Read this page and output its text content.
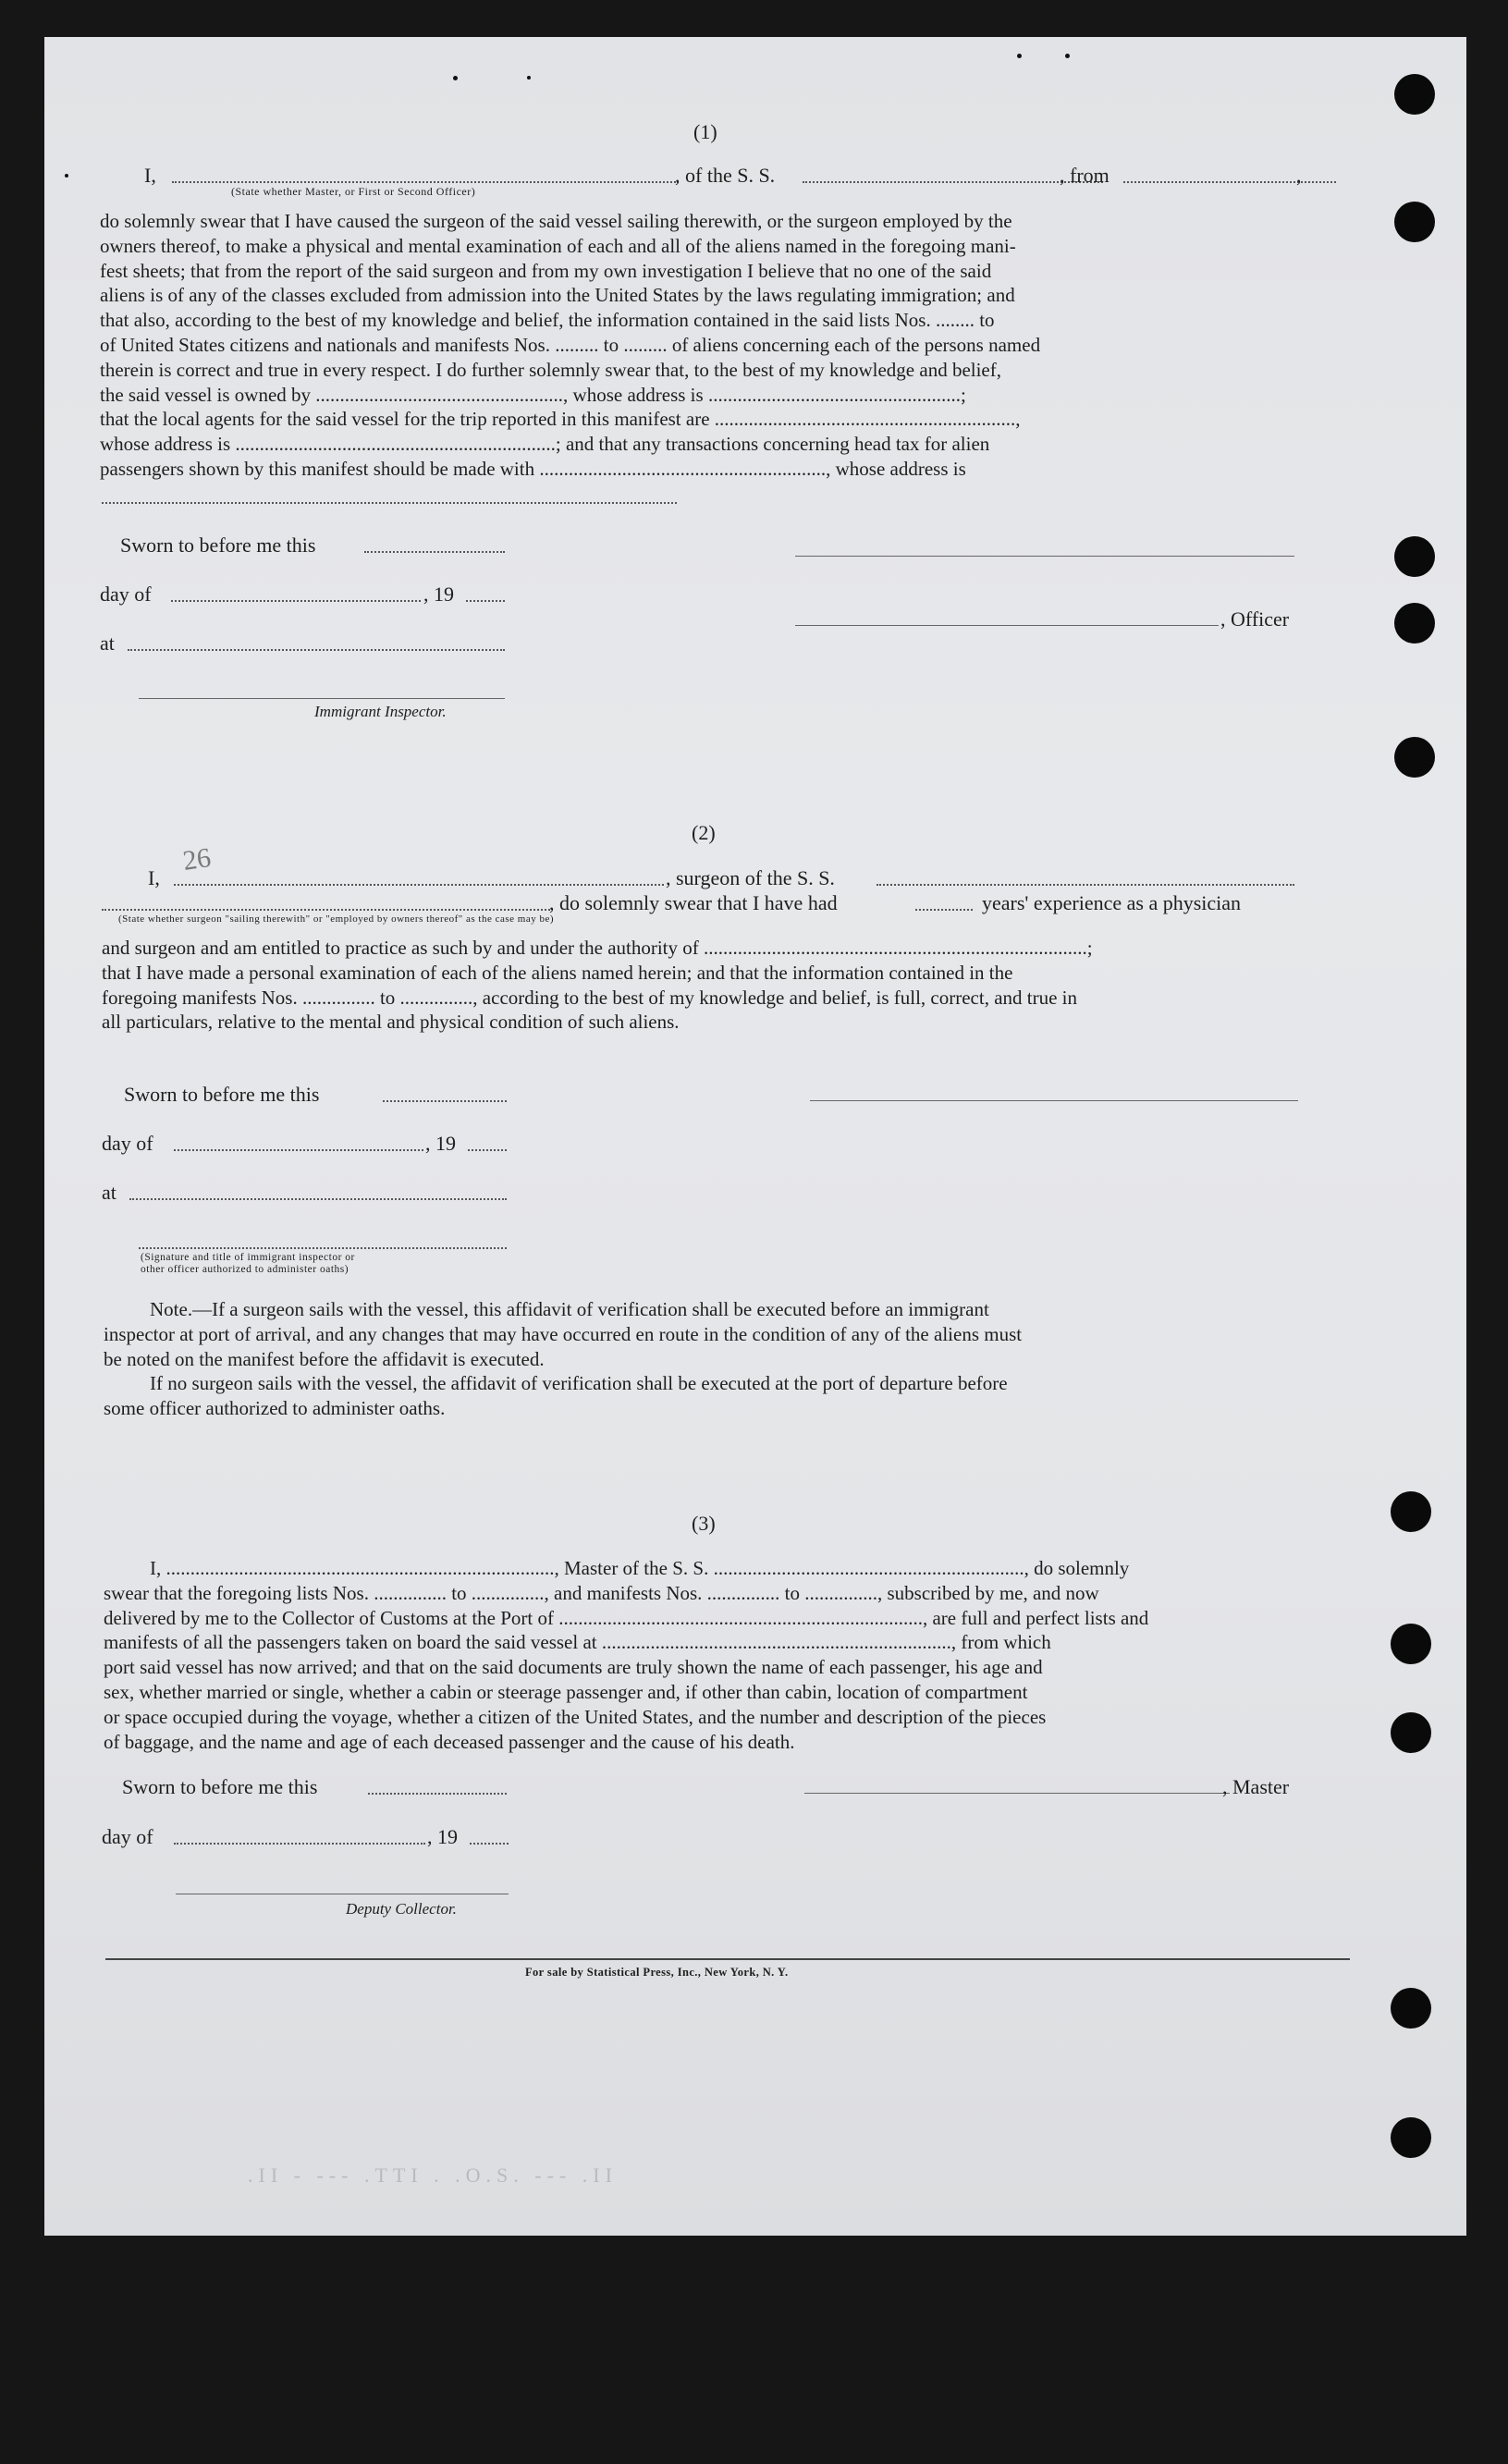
(1)
I,	, of the S. S.	, from	,
(State whether Master, or First or Second Officer)
do solemnly swear that I have caused the surgeon of the said vessel sailing therewith, or the surgeon employed by the
owners thereof, to make a physical and mental examination of each and all of the aliens named in the foregoing mani-
fest sheets; that from the report of the said surgeon and from my own investigation I believe that no one of the said
aliens is of any of the classes excluded from admission into the United States by the laws regulating immigration; and
that also, according to the best of my knowledge and belief, the information contained in the said lists Nos. ........ to
of United States citizens and nationals and manifests Nos. ......... to ......... of aliens concerning each of the persons named
therein is correct and true in every respect. I do further solemnly swear that, to the best of my knowledge and belief,
the said vessel is owned by ..................................................., whose address is ....................................................;
that the local agents for the said vessel for the trip reported in this manifest are ..............................................................,
whose address is ..................................................................; and that any transactions concerning head tax for alien
passengers shown by this manifest should be made with ..........................................................., whose address is
Sworn to before me this
day of	, 19
, Officer
at
Immigrant Inspector.
(2)
26
I,	, surgeon of the S. S.
, do solemnly swear that I have had	years' experience as a physician
(State whether surgeon "sailing therewith" or "employed by owners thereof" as the case may be)
and surgeon and am entitled to practice as such by and under the authority of ...............................................................................;
that I have made a personal examination of each of the aliens named herein; and that the information contained in the
foregoing manifests Nos. ............... to ..............., according to the best of my knowledge and belief, is full, correct, and true in
all particulars, relative to the mental and physical condition of such aliens.
Sworn to before me this
day of	, 19
at
(Signature and title of immigrant inspector or
other officer authorized to administer oaths)
Note.—If a surgeon sails with the vessel, this affidavit of verification shall be executed before an immigrant
inspector at port of arrival, and any changes that may have occurred en route in the condition of any of the aliens must
be noted on the manifest before the affidavit is executed.
If no surgeon sails with the vessel, the affidavit of verification shall be executed at the port of departure before
some officer authorized to administer oaths.
(3)
I, ................................................................................, Master of the S. S. ................................................................, do solemnly
swear that the foregoing lists Nos. ............... to ..............., and manifests Nos. ............... to ..............., subscribed by me, and now
delivered by me to the Collector of Customs at the Port of ..........................................................................., are full and perfect lists and
manifests of all the passengers taken on board the said vessel at ........................................................................, from which
port said vessel has now arrived; and that on the said documents are truly shown the name of each passenger, his age and
sex, whether married or single, whether a cabin or steerage passenger and, if other than cabin, location of compartment
or space occupied during the voyage, whether a citizen of the United States, and the number and description of the pieces
of baggage, and the name and age of each deceased passenger and the cause of his death.
Sworn to before me this	, Master
day of	, 19
Deputy Collector.
For sale by Statistical Press, Inc., New York, N. Y.
.II - --- .TTI . .O.S. --- .II
